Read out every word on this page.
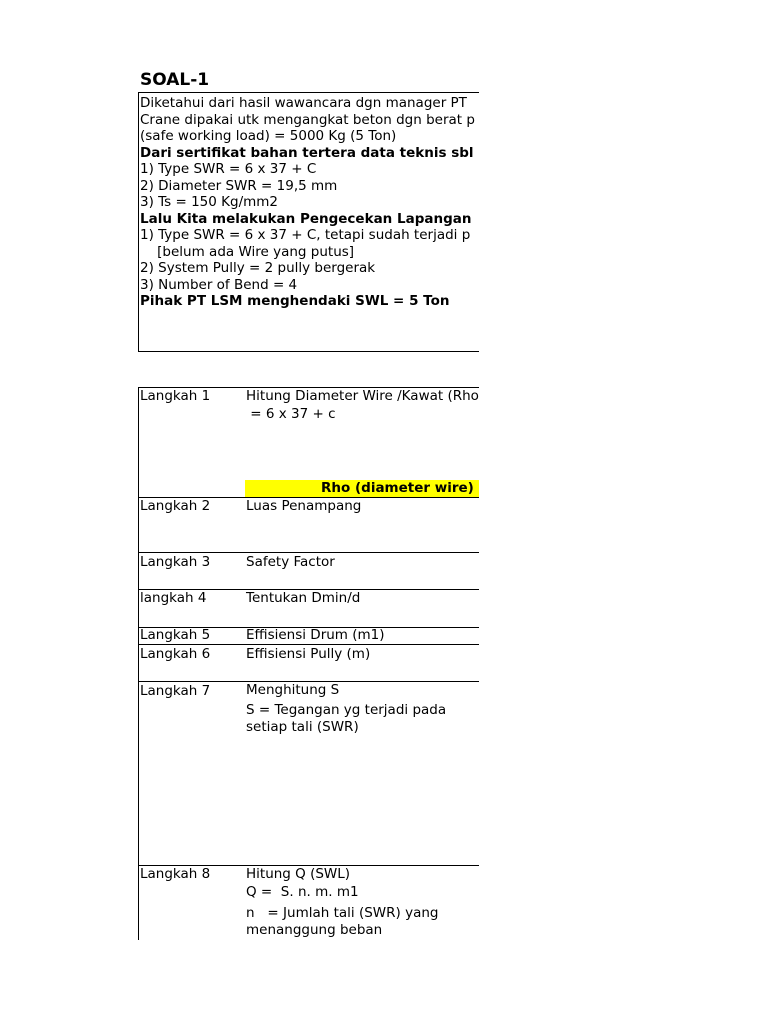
SOAL-1
Diketahui dari hasil wawancara dgn manager PT
Crane dipakai utk mengangkat beton dgn berat p
(safe working load) = 5000 Kg (5 Ton)
Dari sertifikat bahan tertera data teknis sbl
1) Type SWR = 6 x 37 + C
2) Diameter SWR = 19,5 mm
3) Ts = 150 Kg/mm2
Lalu Kita melakukan Pengecekan Lapangan
1) Type SWR = 6 x 37 + C, tetapi sudah terjadi p
[belum ada Wire yang putus]
2) System Pully = 2 pully bergerak
3) Number of Bend = 4
Pihak PT LSM menghendaki SWL = 5 Ton
Langkah 1	Hitung Diameter Wire /Kawat (Rho
= 6 x 37 + c
Rho (diameter wire)
Langkah 2	Luas Penampang
Langkah 3	Safety Factor
langkah 4	Tentukan Dmin/d
Langkah 5	Effisiensi Drum (m1)
Langkah 6	Effisiensi Pully (m)
Langkah 7	Menghitung S
S = Tegangan yg terjadi pada
setiap tali (SWR)
Langkah 8	Hitung Q (SWL)
Q =  S. n. m. m1
n   = Jumlah tali (SWR) yang
menanggung beban
